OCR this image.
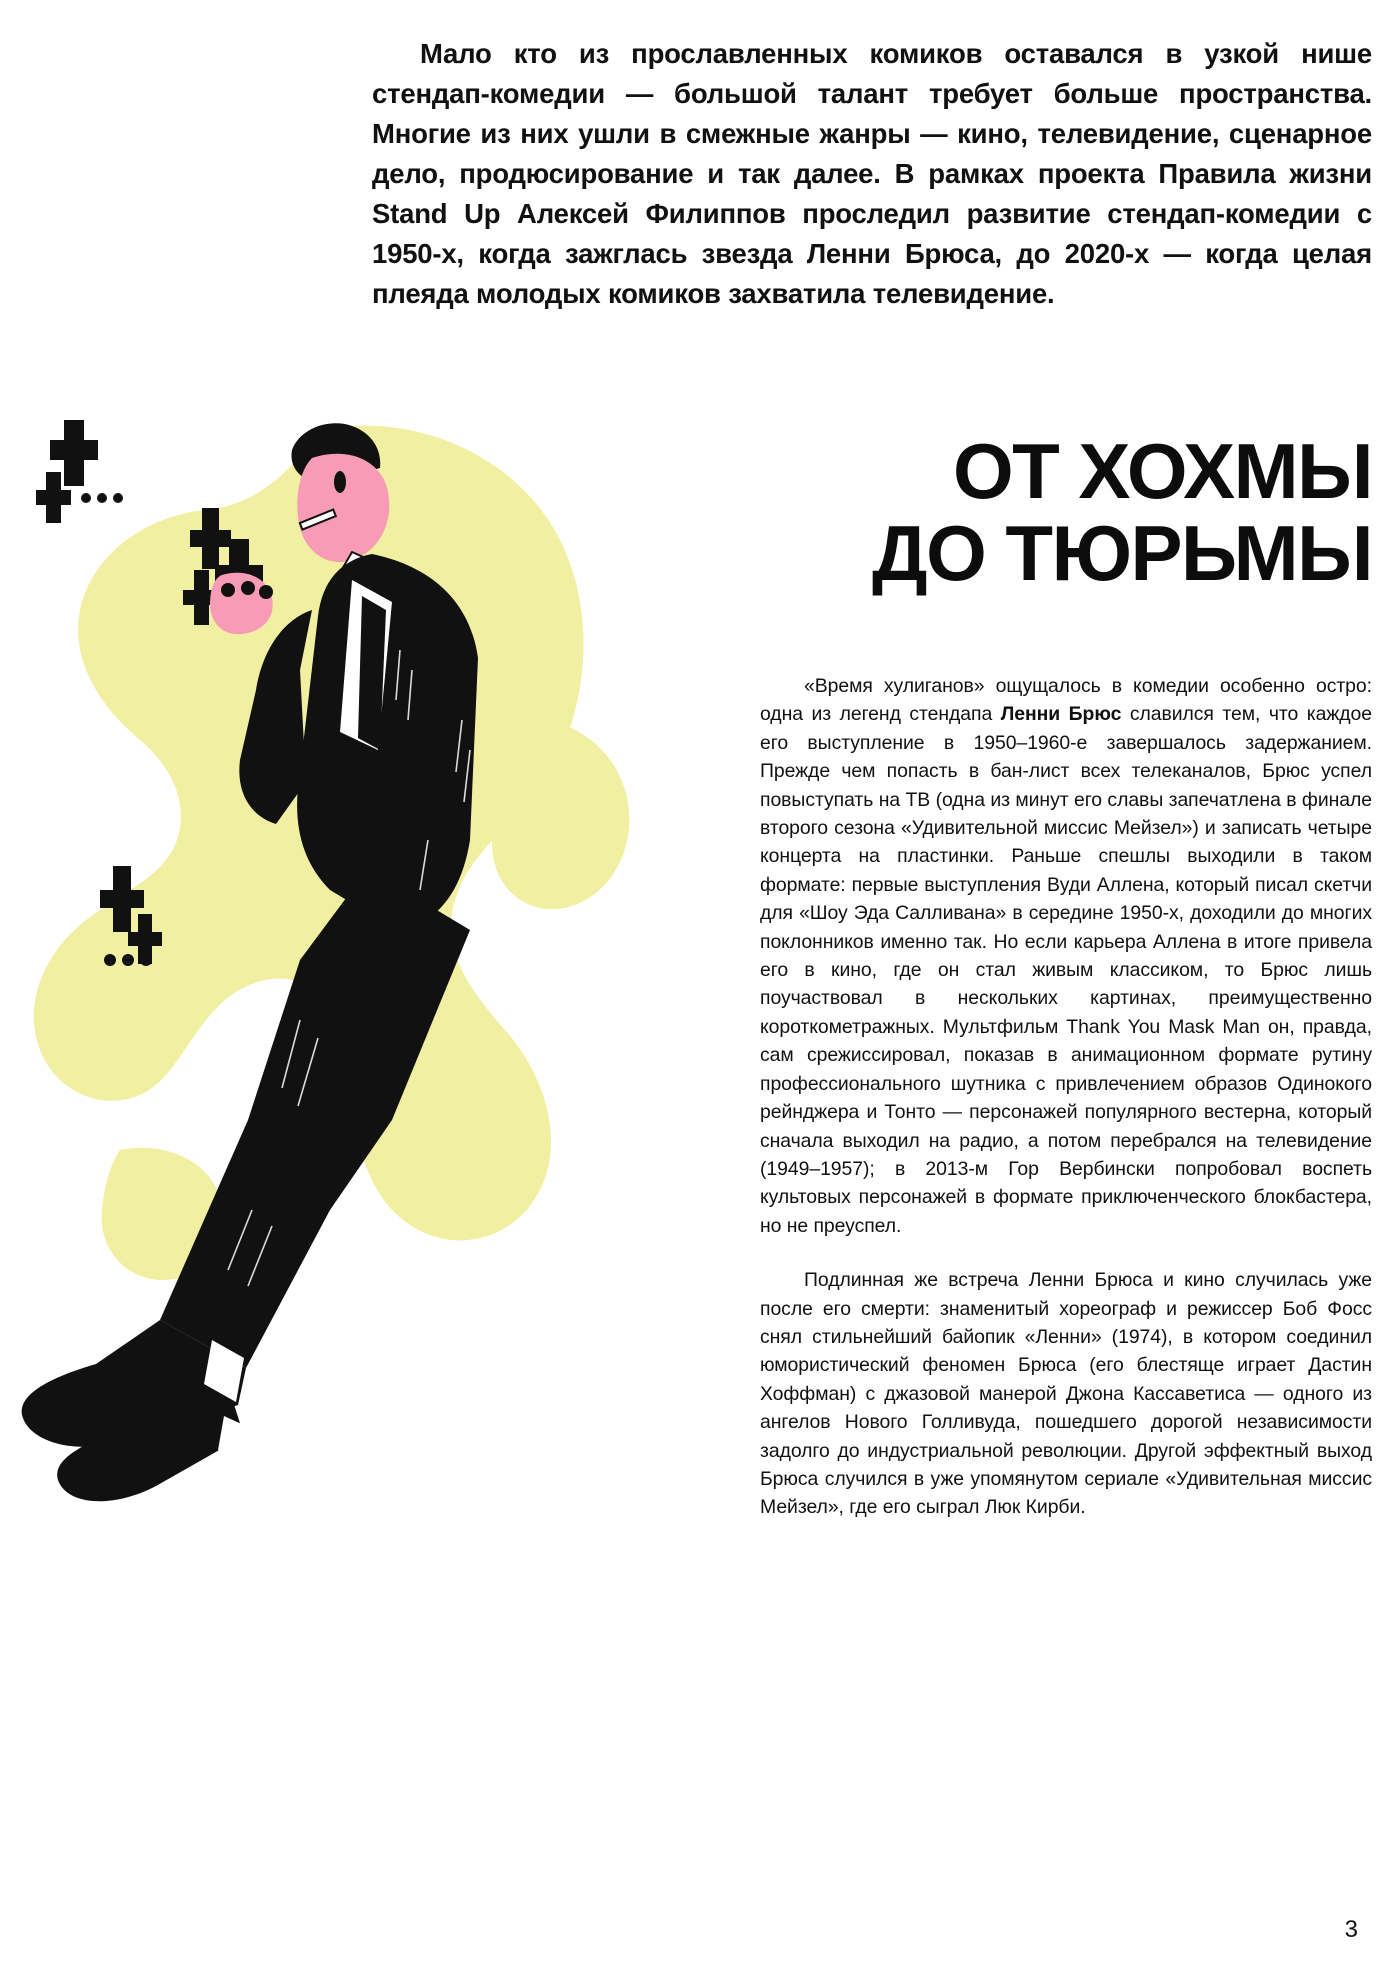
Мало кто из прославленных комиков оставался в узкой нише стендап-комедии — большой талант требует больше пространства. Многие из них ушли в смежные жанры — кино, телевидение, сценарное дело, продюсирование и так далее. В рамках проекта Правила жизни Stand Up Алексей Филиппов проследил развитие стендап-комедии с 1950-х, когда зажглась звезда Ленни Брюса, до 2020-х — когда целая плеяда молодых комиков захватила телевидение.
ОТ ХОХМЫ
ДО ТЮРЬМЫ

«Время хулиганов» ощущалось в комедии особенно остро: одна из легенд стендапа Ленни Брюс славился тем, что каждое его выступление в 1950–1960-е завершалось задержанием. Прежде чем попасть в бан-лист всех телеканалов, Брюс успел повыступать на ТВ (одна из минут его славы запечатлена в финале второго сезона «Удивительной миссис Мейзел») и записать четыре концерта на пластинки. Раньше спешлы выходили в таком формате: первые выступления Вуди Аллена, который писал скетчи для «Шоу Эда Салливана» в середине 1950-х, доходили до многих поклонников именно так. Но если карьера Аллена в итоге привела его в кино, где он стал живым классиком, то Брюс лишь поучаствовал в нескольких картинах, преимущественно короткометражных. Мультфильм Thank You Mask Man он, правда, сам срежиссировал, показав в анимационном формате рутину профессионального шутника с привлечением образов Одинокого рейнджера и Тонто — персонажей популярного вестерна, который сначала выходил на радио, а потом перебрался на телевидение (1949–1957); в 2013-м Гор Вербински попробовал воспеть культовых персонажей в формате приключенческого блокбастера, но не преуспел.

Подлинная же встреча Ленни Брюса и кино случилась уже после его смерти: знаменитый хореограф и режиссер Боб Фосс снял стильнейший байопик «Ленни» (1974), в котором соединил юмористический феномен Брюса (его блестяще играет Дастин Хоффман) с джазовой манерой Джона Кассаветиса — одного из ангелов Нового Голливуда, пошедшего дорогой независимости задолго до индустриальной революции. Другой эффектный выход Брюса случился в уже упомянутом сериале «Удивительная миссис Мейзел», где его сыграл Люк Кирби.

3
